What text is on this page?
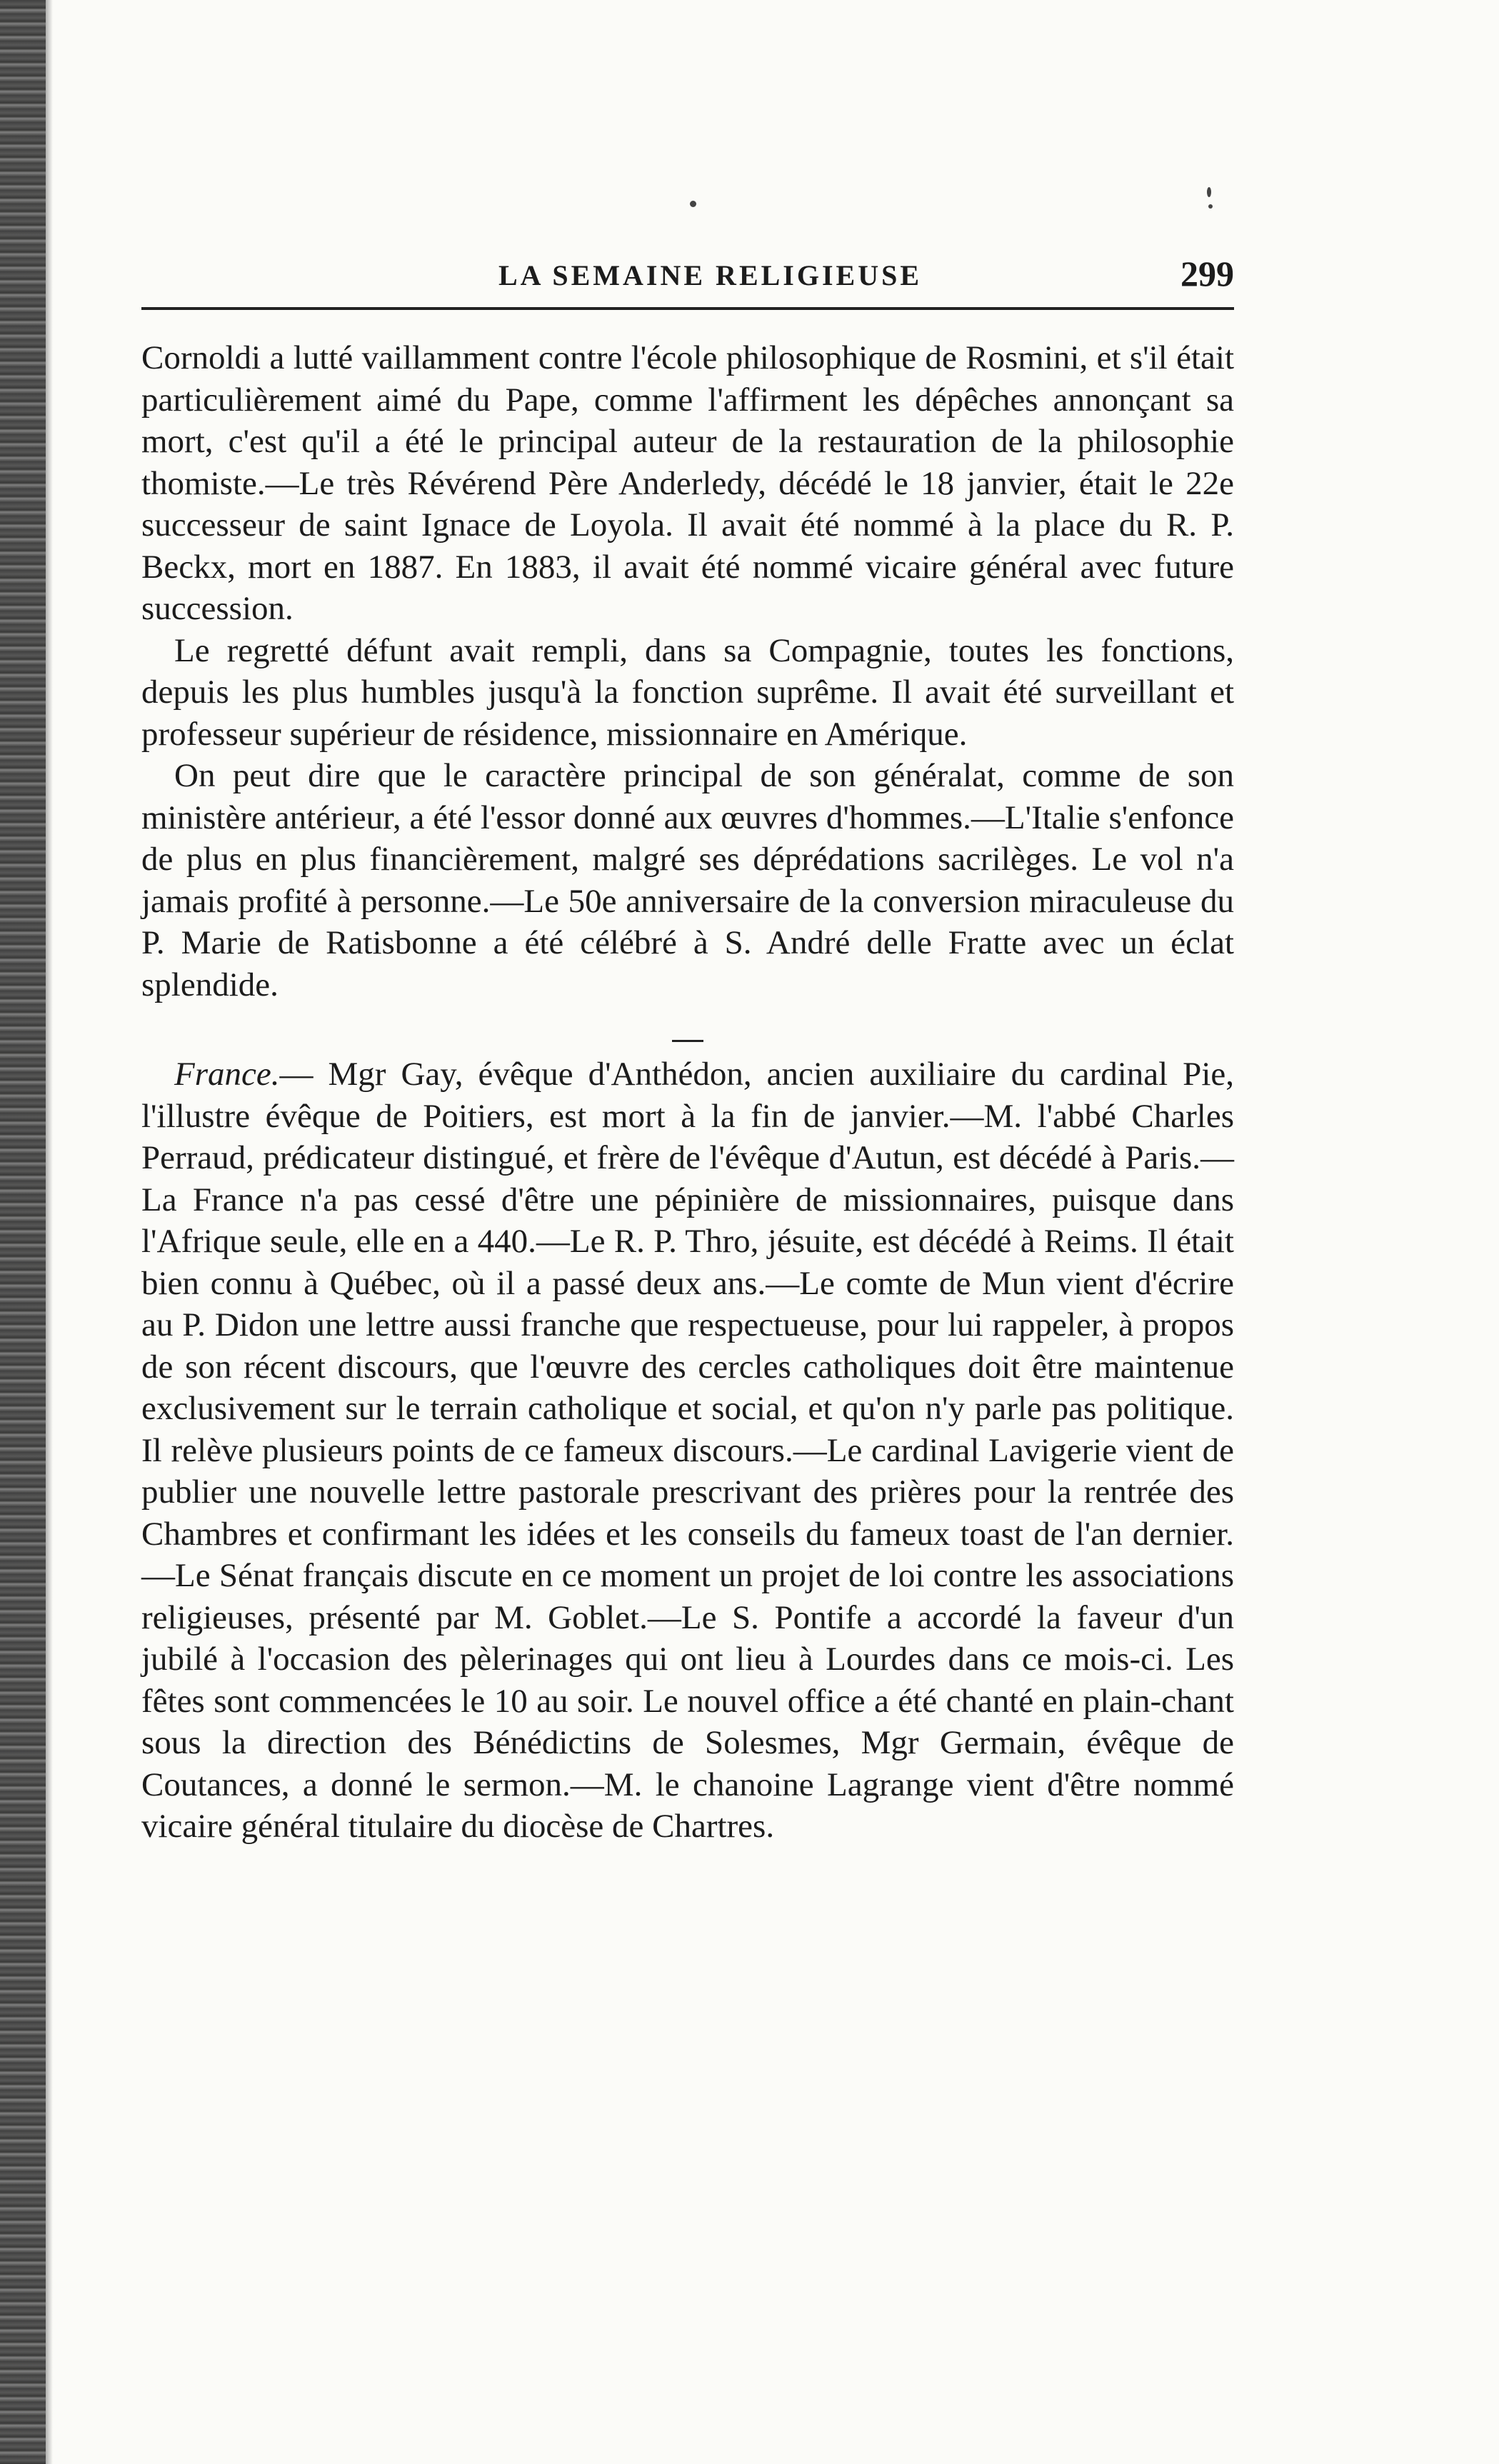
LA SEMAINE RELIGIEUSE	299

Cornoldi a lutté vaillamment contre l'école philosophique de Rosmini, et s'il était particulièrement aimé du Pape, comme l'affirment les dépêches annonçant sa mort, c'est qu'il a été le principal auteur de la restauration de la philosophie thomiste.—Le très Révérend Père Anderledy, décédé le 18 janvier, était le 22e successeur de saint Ignace de Loyola. Il avait été nommé à la place du R. P. Beckx, mort en 1887. En 1883, il avait été nommé vicaire général avec future succession.

Le regretté défunt avait rempli, dans sa Compagnie, toutes les fonctions, depuis les plus humbles jusqu'à la fonction suprême. Il avait été surveillant et professeur supérieur de résidence, missionnaire en Amérique.

On peut dire que le caractère principal de son généralat, comme de son ministère antérieur, a été l'essor donné aux œuvres d'hommes.—L'Italie s'enfonce de plus en plus financièrement, malgré ses déprédations sacrilèges. Le vol n'a jamais profité à personne.—Le 50e anniversaire de la conversion miraculeuse du P. Marie de Ratisbonne a été célébré à S. André delle Fratte avec un éclat splendide.

France.— Mgr Gay, évêque d'Anthédon, ancien auxiliaire du cardinal Pie, l'illustre évêque de Poitiers, est mort à la fin de janvier.—M. l'abbé Charles Perraud, prédicateur distingué, et frère de l'évêque d'Autun, est décédé à Paris.—La France n'a pas cessé d'être une pépinière de missionnaires, puisque dans l'Afrique seule, elle en a 440.—Le R. P. Thro, jésuite, est décédé à Reims. Il était bien connu à Québec, où il a passé deux ans.—Le comte de Mun vient d'écrire au P. Didon une lettre aussi franche que respectueuse, pour lui rappeler, à propos de son récent discours, que l'œuvre des cercles catholiques doit être maintenue exclusivement sur le terrain catholique et social, et qu'on n'y parle pas politique. Il relève plusieurs points de ce fameux discours.—Le cardinal Lavigerie vient de publier une nouvelle lettre pastorale prescrivant des prières pour la rentrée des Chambres et confirmant les idées et les conseils du fameux toast de l'an dernier.—Le Sénat français discute en ce moment un projet de loi contre les associations religieuses, présenté par M. Goblet.—Le S. Pontife a accordé la faveur d'un jubilé à l'occasion des pèlerinages qui ont lieu à Lourdes dans ce mois-ci. Les fêtes sont commencées le 10 au soir. Le nouvel office a été chanté en plain-chant sous la direction des Bénédictins de Solesmes, Mgr Germain, évêque de Coutances, a donné le sermon.—M. le chanoine Lagrange vient d'être nommé vicaire général titulaire du diocèse de Chartres.
